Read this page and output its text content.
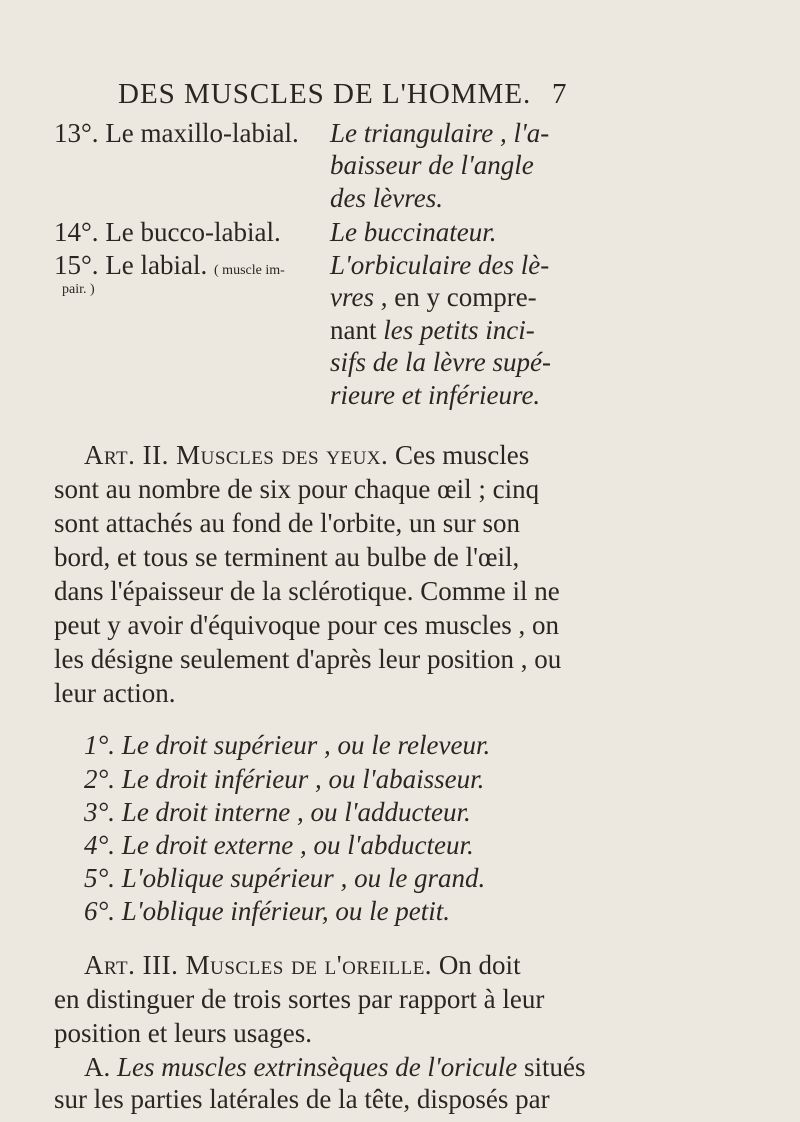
DES MUSCLES DE L'HOMME. 7
13°. Le maxillo-labial. Le triangulaire , l'a-
baisseur de l'angle
des lèvres.
14°. Le bucco-labial. Le buccinateur.
15°. Le labial. ( muscle im-
pair. )
L'orbiculaire des lè-
vres , en y compre-
nant les petits inci-
sifs de la lèvre supé-
rieure et inférieure.
Art. II. Muscles des yeux. Ces muscles
sont au nombre de six pour chaque œil ; cinq
sont attachés au fond de l'orbite, un sur son
bord, et tous se terminent au bulbe de l'œil,
dans l'épaisseur de la sclérotique. Comme il ne
peut y avoir d'équivoque pour ces muscles , on
les désigne seulement d'après leur position , ou
leur action.
1°. Le droit supérieur , ou le releveur.
2°. Le droit inférieur , ou l'abaisseur.
3°. Le droit interne , ou l'adducteur.
4°. Le droit externe , ou l'abducteur.
5°. L'oblique supérieur , ou le grand.
6°. L'oblique inférieur, ou le petit.
Art. III. Muscles de l'oreille. On doit
en distinguer de trois sortes par rapport à leur
position et leurs usages.
A. Les muscles extrinsèques de l'oricule situés
sur les parties latérales de la tête, disposés par
